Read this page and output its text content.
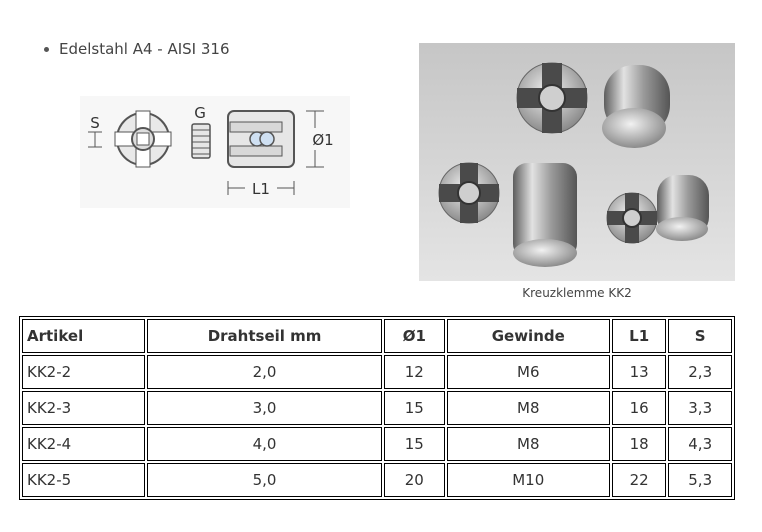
Edelstahl A4 - AISI 316
S
G
Ø1
L1
Kreuzklemme KK2
Artikel	Drahtseil mm	Ø1	Gewinde	L1	S
KK2-2	2,0	12	M6	13	2,3
KK2-3	3,0	15	M8	16	3,3
KK2-4	4,0	15	M8	18	4,3
KK2-5	5,0	20	M10	22	5,3
